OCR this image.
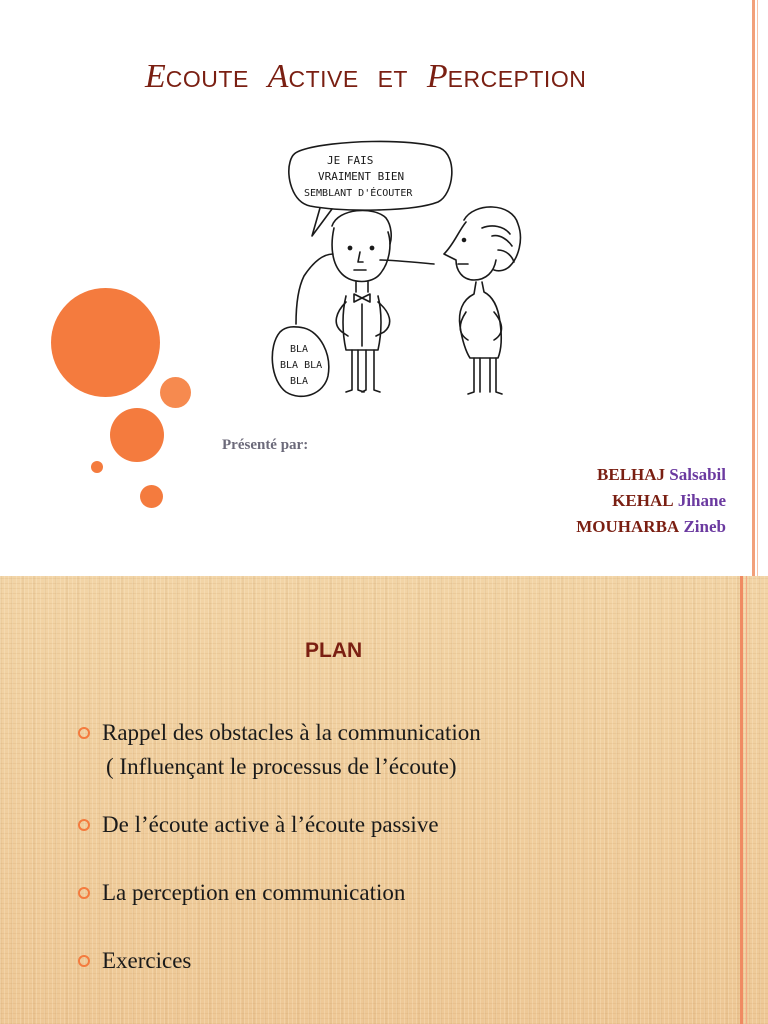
ECOUTE ACTIVE ET PERCEPTION
JE FAIS
VRAIMENT BIEN
SEMBLANT D'ÉCOUTER
BLA
BLA BLA
BLA
Présenté par:
BELHAJ Salsabil
KEHAL Jihane
MOUHARBA Zineb
PLAN
Rappel des obstacles à la communication
( Influençant le processus de l’écoute)
De l’écoute active à l’écoute passive
La perception en communication
Exercices
